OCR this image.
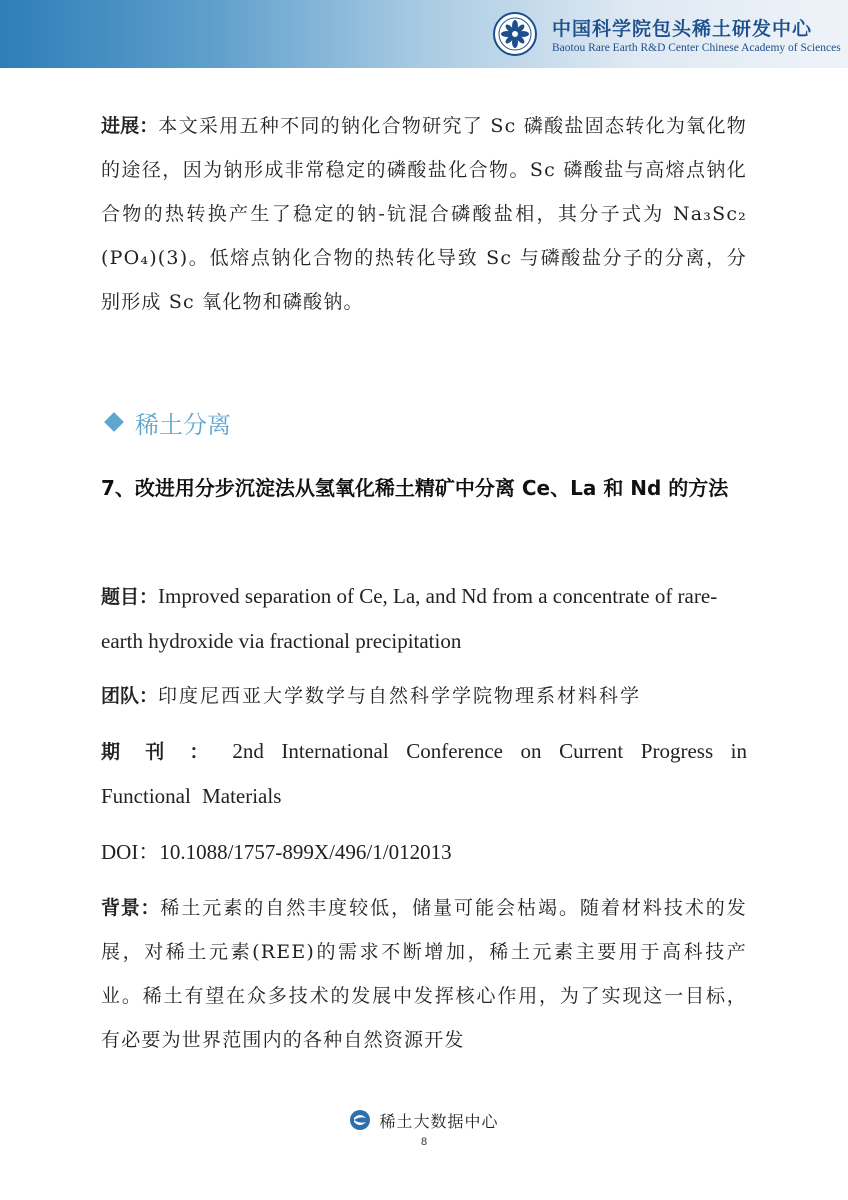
中国科学院包头稀土研发中心
Baotou Rare Earth R&D Center Chinese Academy of Sciences
进展：本文采用五种不同的钠化合物研究了 Sc 磷酸盐固态转化为氧化物的途径，因为钠形成非常稳定的磷酸盐化合物。Sc 磷酸盐与高熔点钠化合物的热转换产生了稳定的钠-钪混合磷酸盐相，其分子式为 Na₃Sc₂ (PO₄)(3)。低熔点钠化合物的热转化导致 Sc 与磷酸盐分子的分离，分别形成 Sc 氧化物和磷酸钠。
稀土分离
7、改进用分步沉淀法从氢氧化稀土精矿中分离 Ce、La 和 Nd 的方法
题目：Improved separation of Ce, La, and Nd from a concentrate of rare-earth hydroxide via fractional precipitation
团队：印度尼西亚大学数学与自然科学学院物理系材料科学
期 刊 ： 2nd International Conference on Current Progress in Functional Materials
DOI：10.1088/1757-899X/496/1/012013
背景：稀土元素的自然丰度较低，储量可能会枯竭。随着材料技术的发展，对稀土元素(REE)的需求不断增加，稀土元素主要用于高科技产业。稀土有望在众多技术的发展中发挥核心作用，为了实现这一目标，有必要为世界范围内的各种自然资源开发
稀土大数据中心
8
